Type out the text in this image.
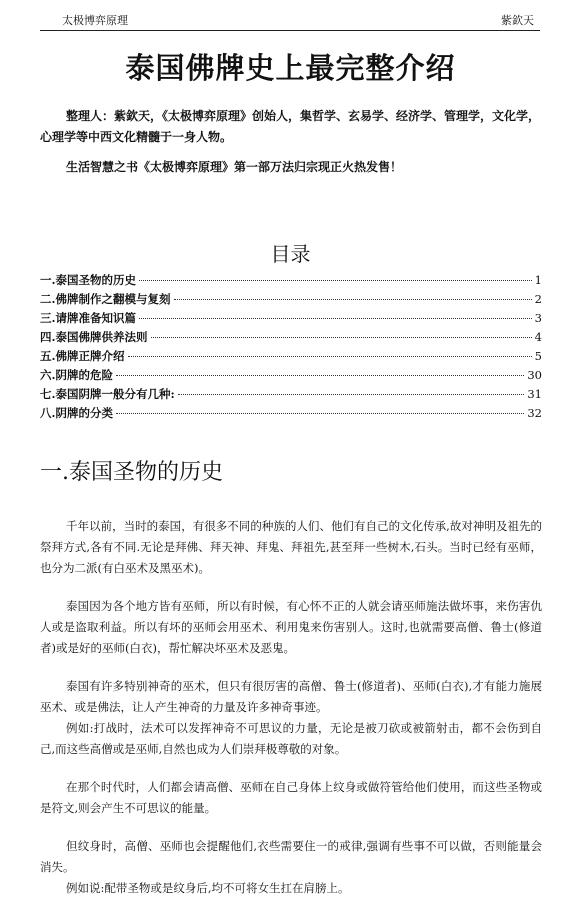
太极博弈原理	紫欽天
泰国佛牌史上最完整介绍

整理人：紫欽天，《太极博弈原理》创始人，集哲学、玄易学、经济学、管理学，文化学，心理学等中西文化精髓于一身人物。

生活智慧之书《太极博弈原理》第一部万法归宗现正火热发售！

目录
一.泰国圣物的历史	1
二.佛牌制作之翻模与复刻	2
三.请牌准备知识篇	3
四.泰国佛牌供养法则	4
五.佛牌正牌介绍	5
六.阴牌的危险	30
七.泰国阴牌一般分有几种:	31
八.阴牌的分类	32
一.泰国圣物的历史

千年以前，当时的泰国，有很多不同的种族的人们、他们有自己的文化传承,故对神明及祖先的祭拜方式,各有不同.无论是拜佛、拜天神、拜鬼、拜祖先,甚至拜一些树木,石头。当时已经有巫师，也分为二派(有白巫术及黑巫术)。

泰国因为各个地方皆有巫师，所以有时候，有心怀不正的人就会请巫师施法做坏事，来伤害仇人或是盗取利益。所以有坏的巫师会用巫术、利用鬼来伤害别人。这时,也就需要高僧、鲁士(修道者)或是好的巫师(白衣)，帮忙解决坏巫术及恶鬼。

泰国有许多特别神奇的巫术，但只有很厉害的高僧、鲁士(修道者)、巫师(白衣),才有能力施展巫术、或是佛法，让人产生神奇的力量及许多神奇事迹。

例如:打战时，法术可以发挥神奇不可思议的力量，无论是被刀砍或被箭射击，都不会伤到自己,而这些高僧或是巫师,自然也成为人们崇拜极尊敬的对象。

在那个时代时，人们都会请高僧、巫师在自己身体上纹身或做符管给他们使用，而这些圣物或是符文,则会产生不可思议的能量。

但纹身时，高僧、巫师也会提醒他们,衣些需要住一的戒律,强调有些事不可以做，否则能量会消失。

例如说:配带圣物或是纹身后,均不可将女生扛在肩膀上。
